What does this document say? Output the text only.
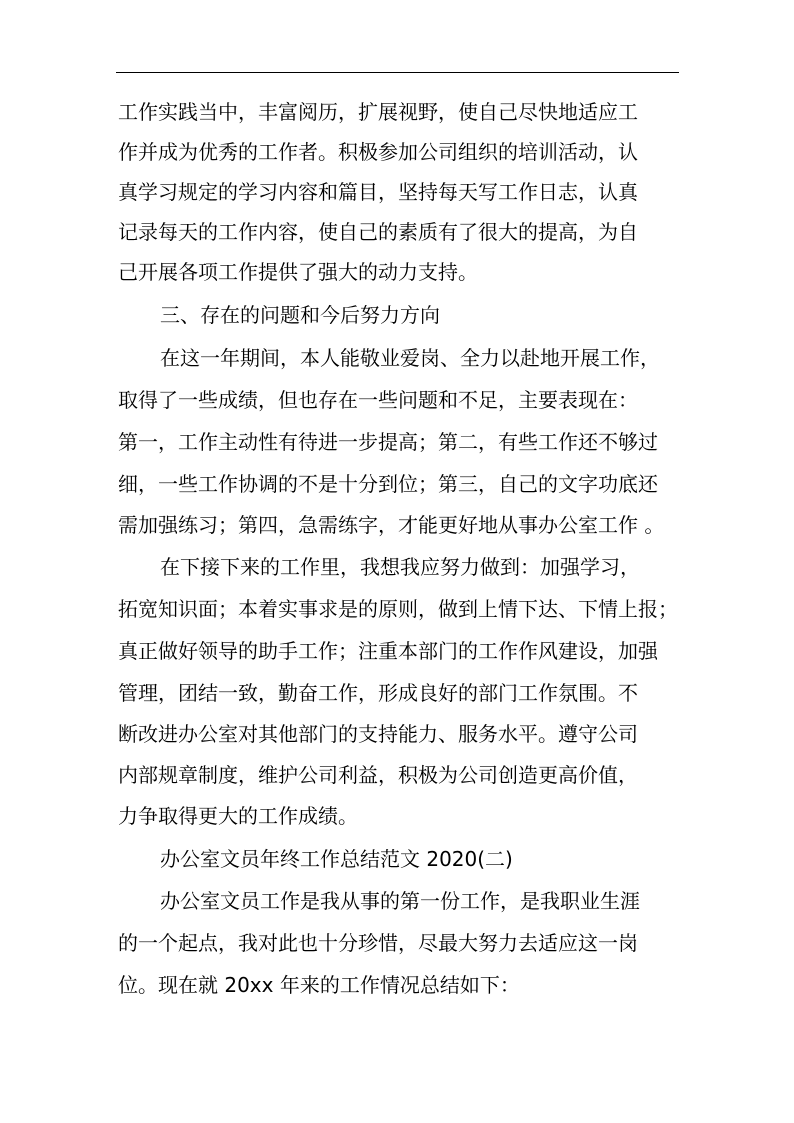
工作实践当中，丰富阅历，扩展视野，使自己尽快地适应工
作并成为优秀的工作者。积极参加公司组织的培训活动，认
真学习规定的学习内容和篇目，坚持每天写工作日志，认真
记录每天的工作内容，使自己的素质有了很大的提高，为自
己开展各项工作提供了强大的动力支持。
三、存在的问题和今后努力方向
在这一年期间，本人能敬业爱岗、全力以赴地开展工作，
取得了一些成绩，但也存在一些问题和不足，主要表现在：
第一，工作主动性有待进一步提高；第二，有些工作还不够过
细，一些工作协调的不是十分到位；第三，自己的文字功底还
需加强练习；第四，急需练字，才能更好地从事办公室工作 。
在下接下来的工作里，我想我应努力做到：加强学习，
拓宽知识面；本着实事求是的原则，做到上情下达、下情上报；
真正做好领导的助手工作；注重本部门的工作作风建设，加强
管理，团结一致，勤奋工作，形成良好的部门工作氛围。不
断改进办公室对其他部门的支持能力、服务水平。遵守公司
内部规章制度，维护公司利益，积极为公司创造更高价值，
力争取得更大的工作成绩。
办公室文员年终工作总结范文 2020(二)
办公室文员工作是我从事的第一份工作，是我职业生涯
的一个起点，我对此也十分珍惜，尽最大努力去适应这一岗
位。现在就 20xx 年来的工作情况总结如下：
